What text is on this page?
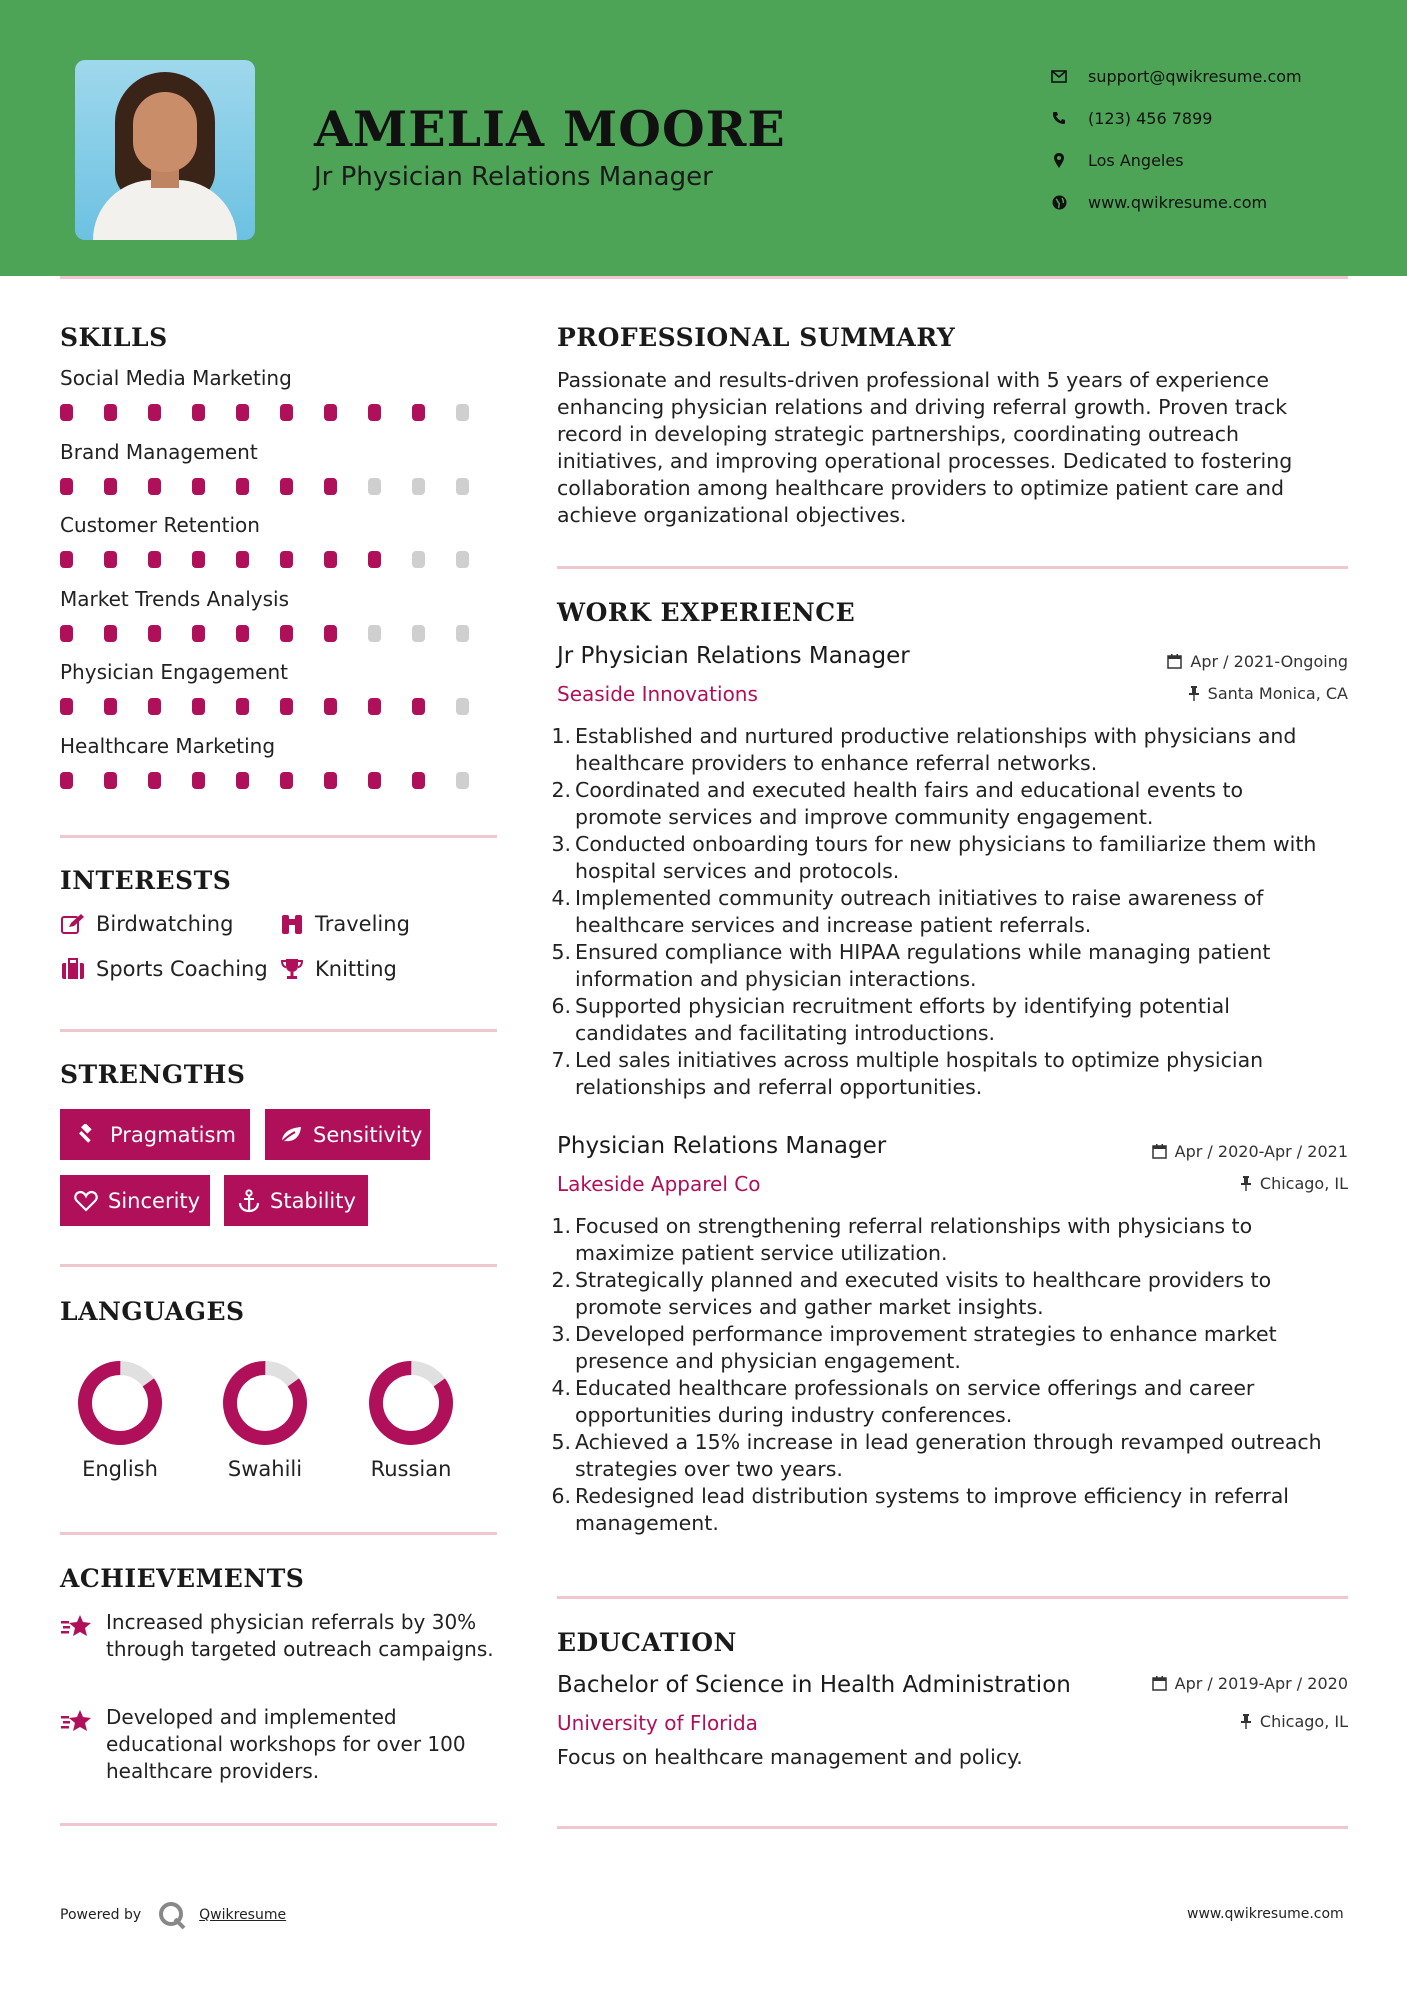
AMELIA MOORE
Jr Physician Relations Manager
support@qwikresume.com
(123) 456 7899
Los Angeles
www.qwikresume.com
SKILLS
Social Media Marketing
Brand Management
Customer Retention
Market Trends Analysis
Physician Engagement
Healthcare Marketing
INTERESTS
Birdwatching	Traveling
Sports Coaching Knitting
STRENGTHS
Pragmatism	Sensitivity
Sincerity	Stability
LANGUAGES
English	Swahili	Russian
ACHIEVEMENTS
Increased physician referrals by 30% through targeted outreach campaigns.
Developed and implemented educational workshops for over 100 healthcare providers.
PROFESSIONAL SUMMARY
Passionate and results-driven professional with 5 years of experience enhancing physician relations and driving referral growth. Proven track record in developing strategic partnerships, coordinating outreach initiatives, and improving operational processes. Dedicated to fostering collaboration among healthcare providers to optimize patient care and achieve organizational objectives.
WORK EXPERIENCE
Jr Physician Relations Manager
Seaside Innovations
Apr / 2021-Ongoing
Santa Monica, CA
1. Established and nurtured productive relationships with physicians and
healthcare providers to enhance referral networks.
2. Coordinated and executed health fairs and educational events to
promote services and improve community engagement.
3. Conducted onboarding tours for new physicians to familiarize them with
hospital services and protocols.
4. Implemented community outreach initiatives to raise awareness of
healthcare services and increase patient referrals.
5. Ensured compliance with HIPAA regulations while managing patient
information and physician interactions.
6. Supported physician recruitment efforts by identifying potential
candidates and facilitating introductions.
7. Led sales initiatives across multiple hospitals to optimize physician
relationships and referral opportunities.
Physician Relations Manager
Lakeside Apparel Co
Apr / 2020-Apr / 2021
Chicago, IL
1. Focused on strengthening referral relationships with physicians to
maximize patient service utilization.
2. Strategically planned and executed visits to healthcare providers to
promote services and gather market insights.
3. Developed performance improvement strategies to enhance market
presence and physician engagement.
4. Educated healthcare professionals on service offerings and career
opportunities during industry conferences.
5. Achieved a 15% increase in lead generation through revamped outreach
strategies over two years.
6. Redesigned lead distribution systems to improve efficiency in referral
management.
EDUCATION
Bachelor of Science in Health Administration
University of Florida
Apr / 2019-Apr / 2020
Chicago, IL
Focus on healthcare management and policy.
Powered by	Qwikresume	www.qwikresume.com
